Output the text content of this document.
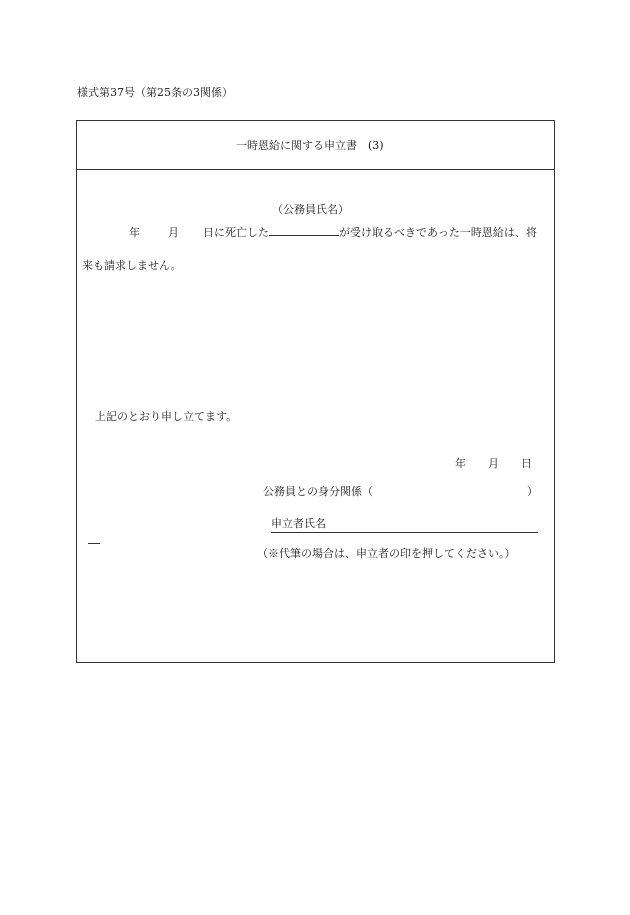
様式第37号（第25条の3関係）
一時恩給に関する申立書　(3)
（公務員氏名）
年	月 日に死亡した	が受け取るべきであった一時恩給は、将
来も請求しません。
上記のとおり申し立てます。
年 月 日
公務員との身分関係（	）
申立者氏名
（※代筆の場合は、申立者の印を押してください。）
